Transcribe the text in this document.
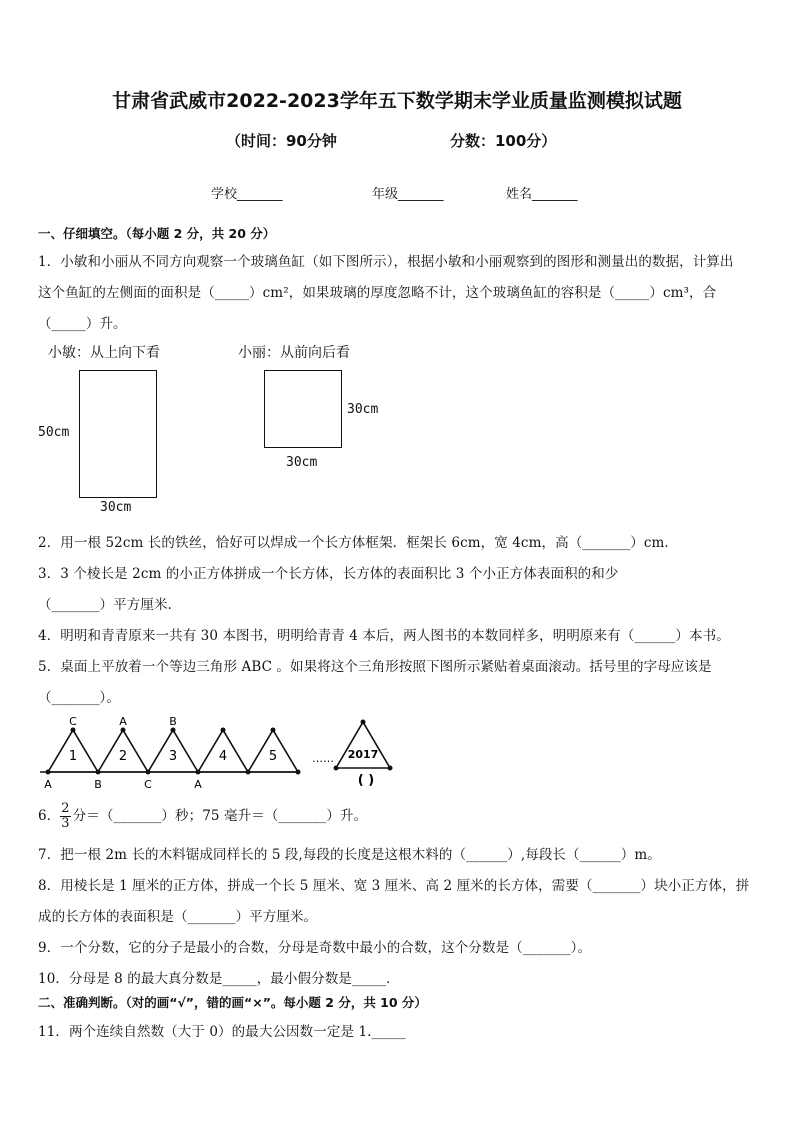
甘肃省武威市2022-2023学年五下数学期末学业质量监测模拟试题
（时间：90分钟	分数：100分）
学校_______	年级_______	姓名_______
一、仔细填空。（每小题 2 分，共 20 分）
1．小敏和小丽从不同方向观察一个玻璃鱼缸（如下图所示），根据小敏和小丽观察到的图形和测量出的数据，计算出
这个鱼缸的左侧面的面积是（_____）cm²，如果玻璃的厚度忽略不计，这个玻璃鱼缸的容积是（_____）cm³，合
（_____）升。
小敏：从上向下看	小丽：从前向后看
50cm
30cm
30cm
30cm
2．用一根 52cm 长的铁丝，恰好可以焊成一个长方体框架．框架长 6cm，宽 4cm，高（_______）cm．
3．3 个棱长是 2cm 的小正方体拼成一个长方体，长方体的表面积比 3 个小正方体表面积的和少
（_______）平方厘米.
4．明明和青青原来一共有 30 本图书，明明给青青 4 本后，两人图书的本数同样多，明明原来有（______）本书。
5．桌面上平放着一个等边三角形 ABC 。如果将这个三角形按照下图所示紧贴着桌面滚动。括号里的字母应该是
（_______）。
1	2	3	4	5
C	A	B
A	B	C	A
…… 2017
( )
6． $\frac{2}{3}$ 分＝（_______）秒；75 毫升＝（_______）升。
7．把一根 2m 长的木料锯成同样长的 5 段,每段的长度是这根木料的（______）,每段长（______）m。
8．用棱长是 1 厘米的正方体，拼成一个长 5 厘米、宽 3 厘米、高 2 厘米的长方体，需要（_______）块小正方体，拼
成的长方体的表面积是（_______）平方厘米。
9．一个分数，它的分子是最小的合数，分母是奇数中最小的合数，这个分数是（_______）。
10．分母是 8 的最大真分数是_____，最小假分数是_____．
二、准确判断。（对的画“√”，错的画“×”。每小题 2 分，共 10 分）
11．两个连续自然数（大于 0）的最大公因数一定是 1._____
